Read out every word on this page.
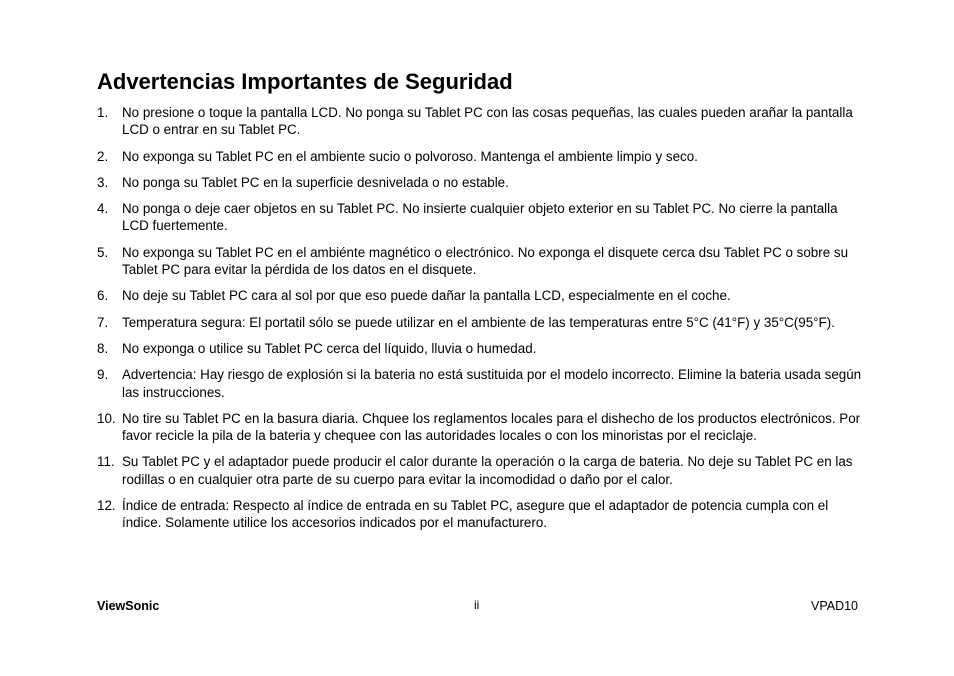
Advertencias Importantes de Seguridad
1. No presione o toque la pantalla LCD. No ponga su Tablet PC con las cosas pequeñas, las cuales pueden arañar la pantalla LCD o entrar en su Tablet PC.
2. No exponga su Tablet PC en el ambiente sucio o polvoroso. Mantenga el ambiente limpio y seco.
3. No ponga su Tablet PC en la superficie desnivelada o no estable.
4. No ponga o deje caer objetos en su Tablet PC. No insierte cualquier objeto exterior en su Tablet PC. No cierre la pantalla LCD fuertemente.
5. No exponga su Tablet PC en el ambiénte magnético o electrónico. No exponga el disquete cerca dsu Tablet PC o sobre su Tablet PC para evitar la pérdida de los datos en el disquete.
6. No deje su Tablet PC cara al sol por que eso puede dañar la pantalla LCD, especialmente en el coche.
7. Temperatura segura: El portatil sólo se puede utilizar en el ambiente de las temperaturas entre 5°C (41°F) y 35°C(95°F).
8. No exponga o utilice su Tablet PC cerca del líquido, lluvia o humedad.
9. Advertencia: Hay riesgo de explosión si la bateria no está sustituida por el modelo incorrecto. Elimine la bateria usada según las instrucciones.
10. No tire su Tablet PC en la basura diaria. Chquee los reglamentos locales para el dishecho de los productos electrónicos. Por favor recicle la pila de la bateria y chequee con las autoridades locales o con los minoristas por el reciclaje.
11. Su Tablet PC y el adaptador puede producir el calor durante la operación o la carga de bateria. No deje su Tablet PC en las rodillas o en cualquier otra parte de su cuerpo para evitar la incomodidad o daño por el calor.
12. Índice de entrada: Respecto al índice de entrada en su Tablet PC, asegure que el adaptador de potencia cumpla con el índice. Solamente utilice los accesorios indicados por el manufacturero.
ViewSonic	ii	VPAD10
